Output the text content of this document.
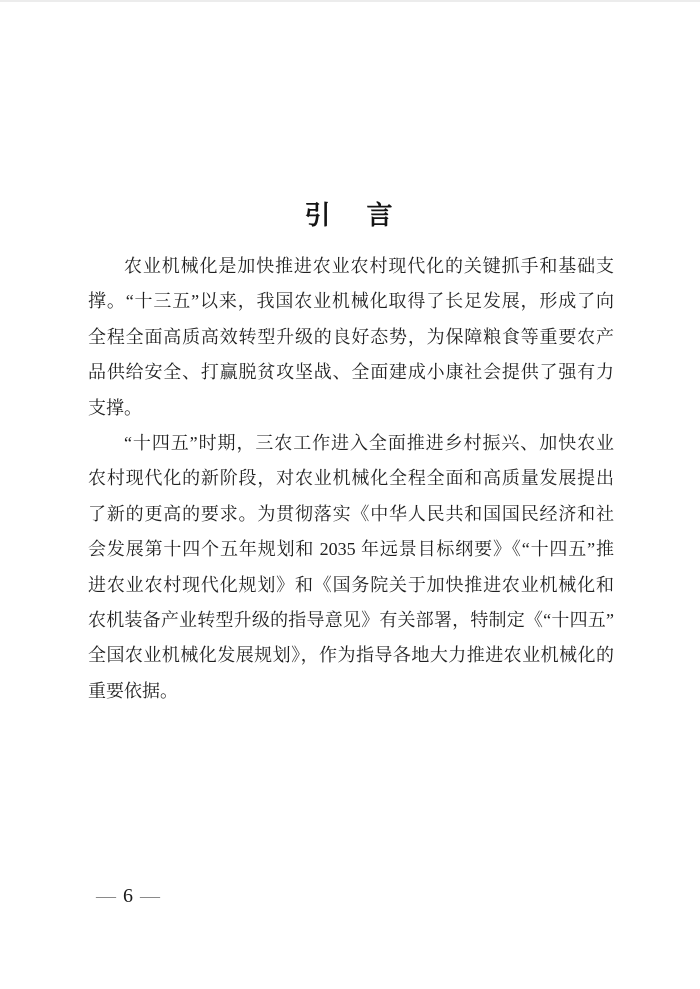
引　言
农业机械化是加快推进农业农村现代化的关键抓手和基础支
撑。“十三五”以来，我国农业机械化取得了长足发展，形成了向
全程全面高质高效转型升级的良好态势，为保障粮食等重要农产
品供给安全、打赢脱贫攻坚战、全面建成小康社会提供了强有力
支撑。
“十四五”时期，三农工作进入全面推进乡村振兴、加快农业
农村现代化的新阶段，对农业机械化全程全面和高质量发展提出
了新的更高的要求。为贯彻落实《中华人民共和国国民经济和社
会发展第十四个五年规划和 2035 年远景目标纲要》《“十四五”推
进农业农村现代化规划》和《国务院关于加快推进农业机械化和
农机装备产业转型升级的指导意见》有关部署，特制定《“十四五”
全国农业机械化发展规划》，作为指导各地大力推进农业机械化的
重要依据。
— 6 —
